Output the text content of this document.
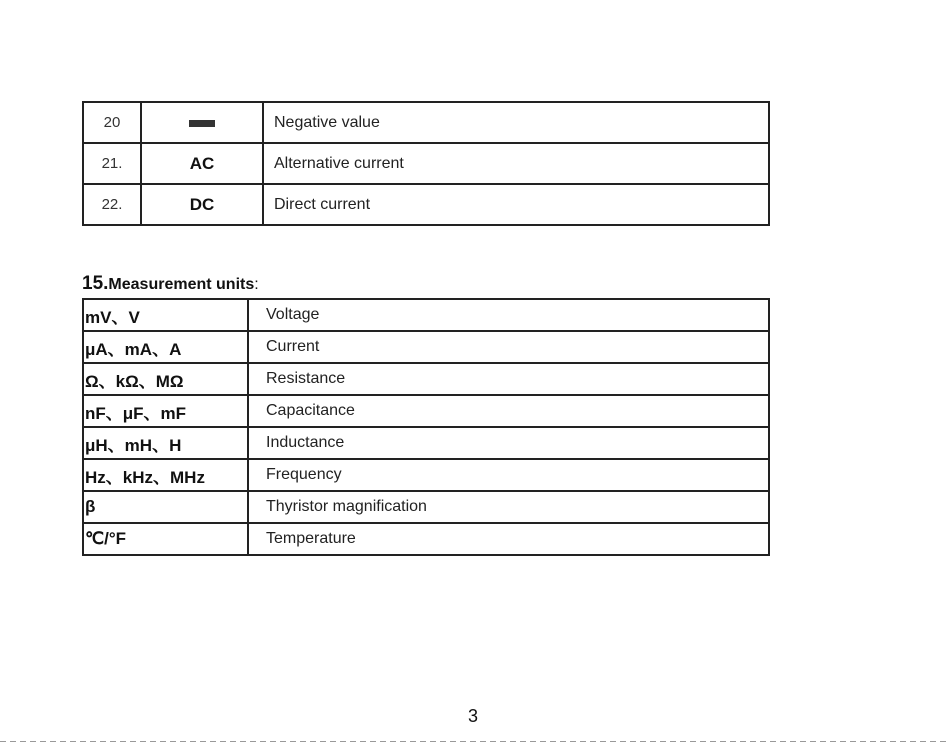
20		Negative value
21.	AC	Alternative current
22.	DC	Direct current
15.Measurement units:
mV、V	Voltage
μA、mA、A	Current
Ω、kΩ、MΩ	Resistance
nF、μF、mF	Capacitance
μH、mH、H	Inductance
Hz、kHz、MHz	Frequency
β	Thyristor magnification
℃/°F	Temperature
3
